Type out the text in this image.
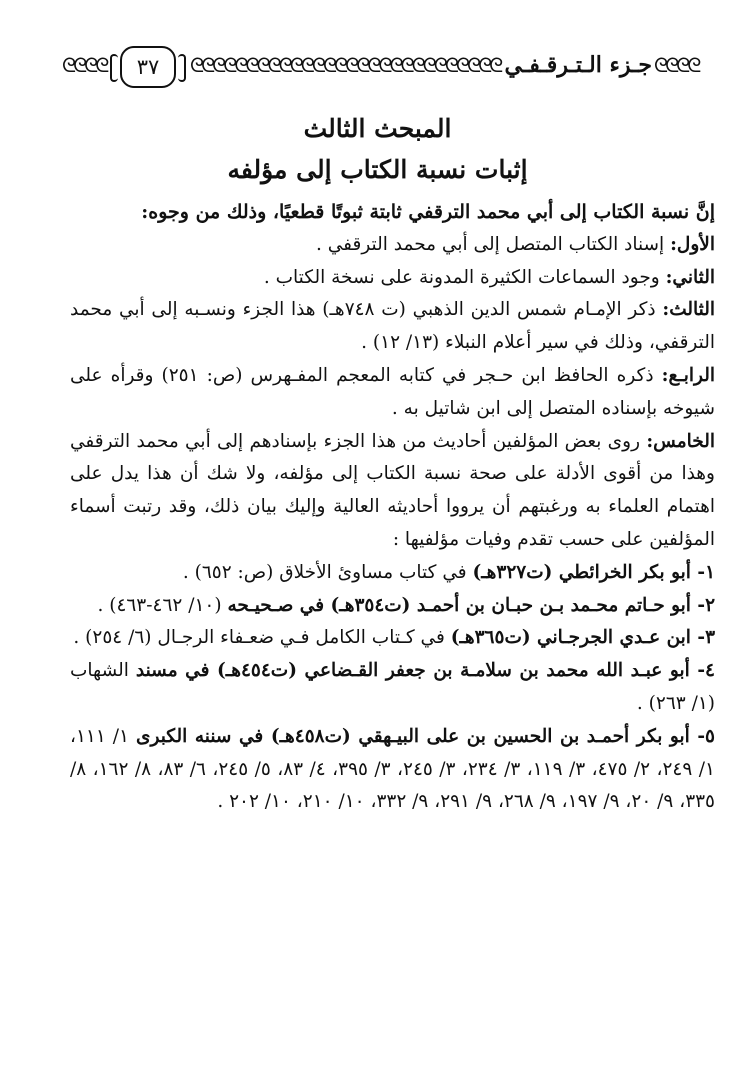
ᘓᘓᘓᘓ	٣٧	ᘓᘓᘓᘓᘓᘓᘓᘓᘓᘓᘓᘓᘓᘓᘓᘓᘓᘓᘓᘓᘓᘓᘓᘓᘓᘓᘓᘓ جـزء الـتـرقـفـي ᘓᘓᘓᘓ
المبحث الثالث
إثبات نسبة الكتاب إلى مؤلفه

إنَّ نسبة الكتاب إلى أبي محمد الترقفي ثابتة ثبوتًا قطعيًا، وذلك من وجوه:

الأول: إسناد الكتاب المتصل إلى أبي محمد الترقفي .

الثاني: وجود السماعات الكثيرة المدونة على نسخة الكتاب .

الثالث: ذكر الإمـام شمس الدين الذهبي (ت ٧٤٨هـ) هذا الجزء ونسـبه إلى أبي محمد الترقفي، وذلك في سير أعلام النبلاء (١٣/ ١٢) .

الرابـع: ذكره الحافظ ابن حـجر في كتابه المعجم المفـهرس (ص: ٢٥١) وقرأه على شيوخه بإسناده المتصل إلى ابن شاتيل به .

الخامس: روى بعض المؤلفين أحاديث من هذا الجزء بإسنادهم إلى أبي محمد الترقفي وهذا من أقوى الأدلة على صحة نسبة الكتاب إلى مؤلفه، ولا شك أن هذا يدل على اهتمام العلماء به ورغبتهم أن يرووا أحاديثه العالية وإليك بيان ذلك، وقد رتبت أسماء المؤلفين على حسب تقدم وفيات مؤلفيها :

١- أبو بكر الخرائطي (ت٣٢٧هـ) في كتاب مساوئ الأخلاق (ص: ٦٥٢) .

٢- أبو حـاتم محـمد بـن حبـان بن أحمـد (ت٣٥٤هـ) في صـحيـحه (١٠/ ٤٦٢-٤٦٣) .

٣- ابن عـدي الجرجـاني (ت٣٦٥هـ) في كـتاب الكامل فـي ضعـفاء الرجـال (٦/ ٢٥٤) .

٤- أبو عبـد الله محمد بن سلامـة بن جعفر القـضاعي (ت٤٥٤هـ) في مسند الشهاب (١/ ٢٦٣) .

٥- أبو بكر أحمـد بن الحسين بن على البيـهقي (ت٤٥٨هـ) في سننه الكبرى ١/ ١١١، ١/ ٢٤٩، ٢/ ٤٧٥، ٣/ ١١٩، ٣/ ٢٣٤، ٣/ ٢٤٥، ٣/ ٣٩٥، ٤/ ٨٣، ٥/ ٢٤٥، ٦/ ٨٣، ٨/ ١٦٢، ٨/ ٣٣٥، ٩/ ٢٠، ٩/ ١٩٧، ٩/ ٢٦٨، ٩/ ٢٩١، ٩/ ٣٣٢، ١٠/ ٢١٠، ١٠/ ٢٠٢ .
